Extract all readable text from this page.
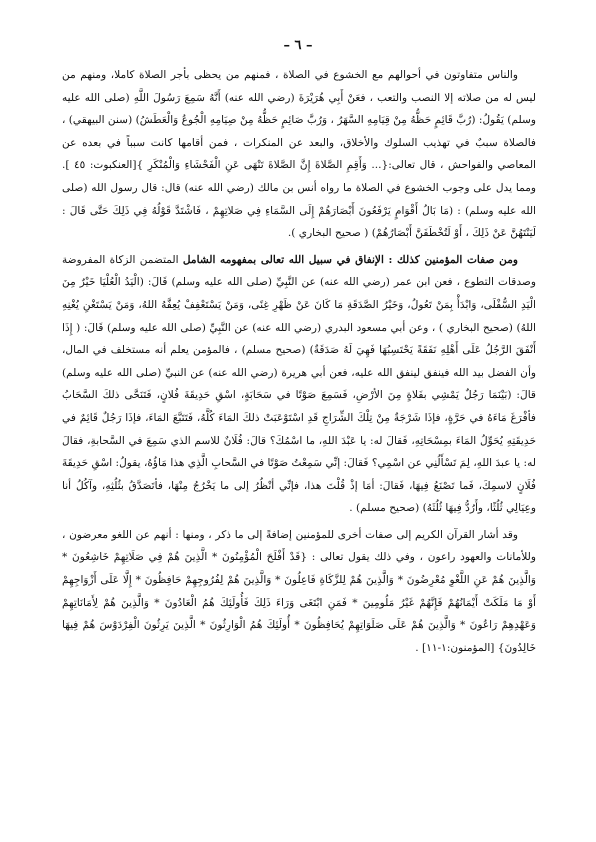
– ٦ –

والناس متفاوتون في أحوالهم مع الخشوع في الصلاة ، فمنهم من يحظى بأجر الصلاة كاملا، ومنهم من ليس له من صلاته إلا النصب والتعب ، فعَنْ أَبِي هُرَيْرَةَ (رضي الله عنه) أَنَّهُ سَمِعَ رَسُولَ اللَّهِ (صلى الله عليه وسلم) يَقُولُ: (رُبَّ قَائِمٍ حَظُّهُ مِنْ قِيَامِهِ السَّهَرُ ، وَرُبَّ صَائِمٍ حَظُّهُ مِنْ صِيَامِهِ الْجُوعُ وَالْعَطَشُ) (سنن البيهقي) ، فالصلاة سببٌ في تهذيب السلوك والأخلاق، والبعد عن المنكرات ، فمن أقامها كانت سبباً في بعده عن المعاصي والفواحش ، قال تعالى:{... وَأَقِمِ الصَّلاةَ إِنَّ الصَّلاةَ تَنْهَى عَنِ الْفَحْشَاءِ وَالْمُنْكَرِ }[العنكبوت: ٤٥ ]. ومما يدل على وجوب الخشوع في الصلاة ما رواه أنس بن مالك (رضي الله عنه) قال: قال رسول الله (صلى الله عليه وسلم) : (مَا بَالُ أَقْوَامٍ يَرْفَعُونَ أَبْصَارَهُمْ إِلَى السَّمَاءِ فِي صَلاتِهِمْ ، فَاشْتَدَّ قَوْلُهُ فِي ذَلِكَ حَتَّى قَالَ : لَيَنْتَهُنَّ عَنْ ذَلِكَ ، أَوْ لَتُخْطَفَنَّ أَبْصَارُهُمْ) ( صحيح البخاري ).

ومن صفات المؤمنين كذلك : الإنفاق في سبيل الله تعالى بمفهومه الشامل المتضمن الزكاة المفروضة وصدقات التطوع ، فعن ابن عمر (رضي الله عنه) عن النَّبِيِّ (صلى الله عليه وسلم) قَالَ: (الْيَدُ الْعُلْيَا خَيْرٌ مِنَ الْيَدِ السُّفْلَى، وَابْدَأْ بِمَنْ تَعُولُ، وَخَيْرُ الصَّدَقَةِ مَا كَانَ عَنْ ظَهْرِ غِنًى، وَمَنْ يَسْتَعْفِفْ يُعِفَّهُ اللهُ، وَمَنْ يَسْتَغْنِ يُغْنِهِ اللهُ) (صحيح البخاري ) ، وعن أبي مسعود البدري (رضي الله عنه) عن النَّبِيِّ (صلى الله عليه وسلم) قَالَ: ( إِذَا أَنْفَقَ الرَّجُلُ عَلَى أَهْلِهِ نَفَقَةً يَحْتَسِبُهَا فَهِيَ لَهُ صَدَقَةٌ) (صحيح مسلم) ، فالمؤمن يعلم أنه مستخلف في المال، وأن الفضل بيد الله فينفق لينفق الله عليه، فعن أبي هريرة (رضي الله عنه) عن النبيِّ (صلى الله عليه وسلم) قالَ: (بَيْنَمَا رَجُلٌ يَمْشِي بفَلاةٍ مِنَ الأرْضِ، فَسَمِعَ صَوْتًا في سَحَابَةٍ، اسْقِ حَدِيقَةَ فُلانٍ، فَتَنَحَّى ذلكَ السَّحَابُ فأفْرَغَ مَاءَهُ في حَرَّةٍ، فإذَا شَرْجَةٌ مِنْ تِلْكَ الشِّرَاجِ قَدِ اسْتَوْعَبَتْ ذلكَ المَاءَ كُلَّهُ، فَتَتَبَّعَ المَاءَ، فإذَا رَجُلٌ قَائِمٌ في حَدِيقَتِهِ يُحَوِّلُ المَاءَ بمِسْحَاتِهِ، فَقالَ له: يا عَبْدَ اللهِ، ما اسْمُكَ؟ قالَ: فُلَانٌ للاسم الذي سَمِعَ في السَّحابةِ، فقالَ له: يا عبدَ اللهِ، لِمَ تَسْأَلُنِي عن اسْمِي؟ فَقالَ: إنِّي سَمِعْتُ صَوْتًا في السَّحابِ الَّذِي هذا مَاؤُهُ، يقولُ: اسْقِ حَدِيقَةَ فُلَانٍ لاسمِكَ، فَما تَصْنَعُ فِيهَا، فَقالَ: أمَا إذْ قُلْتَ هذا، فإنِّي أنْظُرُ إلى ما يَخْرُجُ مِنْهَا، فأتَصَدَّقُ بثُلُثِهِ، وآكُلُ أنا وعِيَالِي ثُلُثًا، وأَرُدُّ فِيهَا ثُلُثَهُ) (صحيح مسلم) .

وقد أشار القرآن الكريم إلى صفات أخرى للمؤمنين إضافةً إلى ما ذكر ، ومنها : أنهم عن اللغو معرضون ، وللأمانات والعهود راعون ، وفي ذلك يقول تعالى : {قَدْ أَفْلَحَ الْمُؤْمِنُونَ * الَّذِينَ هُمْ فِي صَلَاتِهِمْ خَاشِعُونَ * وَالَّذِينَ هُمْ عَنِ اللَّغْوِ مُعْرِضُونَ * وَالَّذِينَ هُمْ لِلزَّكَاةِ فَاعِلُونَ * وَالَّذِينَ هُمْ لِفُرُوجِهِمْ حَافِظُونَ * إِلَّا عَلَى أَزْوَاجِهِمْ أَوْ مَا مَلَكَتْ أَيْمَانُهُمْ فَإِنَّهُمْ غَيْرُ مَلُومِينَ * فَمَنِ ابْتَغَى وَرَاءَ ذَلِكَ فَأُولَئِكَ هُمُ الْعَادُونَ * وَالَّذِينَ هُمْ لِأَمَانَاتِهِمْ وَعَهْدِهِمْ رَاعُونَ * وَالَّذِينَ هُمْ عَلَى صَلَوَاتِهِمْ يُحَافِظُونَ * أُولَئِكَ هُمُ الْوَارِثُونَ * الَّذِينَ يَرِثُونَ الْفِرْدَوْسَ هُمْ فِيهَا خَالِدُونَ} [المؤمنون:١-١١] .
